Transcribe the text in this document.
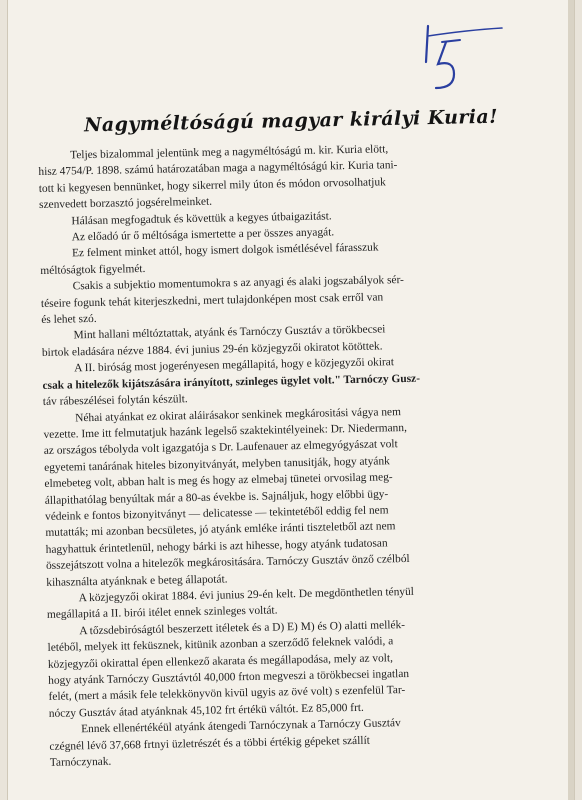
Nagyméltóságú magyar királyi Kuria!
Teljes bizalommal jelentünk meg a nagyméltóságú m. kir. Kuria elött,
hisz 4754/P. 1898. számú határozatában maga a nagyméltóságú kir. Kuria tani-
tott ki kegyesen bennünket, hogy sikerrel mily úton és módon orvosolhatjuk
szenvedett borzasztó jogsérelmeinket.
Hálásan megfogadtuk és követtük a kegyes útbaigazitást.
Az előadó úr ő méltósága ismertette a per összes anyagát.
Ez felment minket attól, hogy ismert dolgok ismétlésével fárasszuk
méltóságtok figyelmét.
Csakis a subjektio momentumokra s az anyagi és alaki jogszabályok sér-
téseire fogunk tehát kiterjeszkedni, mert tulajdonképen most csak erről van
és lehet szó.
Mint hallani méltóztattak, atyánk és Tarnóczy Gusztáv a törökbecsei
birtok eladására nézve 1884. évi junius 29-én közjegyzői okiratot kötöttek.
A II. biróság most jogerényesen megállapitá, hogy e közjegyzői okirat
csak a hitelezők kijátszására irányított, szinleges ügylet volt." Tarnóczy Gusz-
táv rábeszélései folytán készült.
Néhai atyánkat ez okirat aláirásakor senkinek megkárositási vágya nem
vezette. Ime itt felmutatjuk hazánk legelső szaktekintélyeinek: Dr. Niedermann,
az országos tébolyda volt igazgatója s Dr. Laufenauer az elmegyógyászat volt
egyetemi tanárának hiteles bizonyitványát, melyben tanusitják, hogy atyánk
elmebeteg volt, abban halt is meg és hogy az elmebaj tünetei orvosilag meg-
állapithatólag benyúltak már a 80-as évekbe is. Sajnáljuk, hogy előbbi ügy-
védeink e fontos bizonyitványt — delicatesse — tekintetéből eddig fel nem
mutatták; mi azonban becsületes, jó atyánk emléke iránti tiszteletből azt nem
hagyhattuk érintetlenül, nehogy bárki is azt hihesse, hogy atyánk tudatosan
összejátszott volna a hitelezők megkárositására. Tarnóczy Gusztáv önző czélból
kihasználta atyánknak e beteg állapotát.
A közjegyzői okirat 1884. évi junius 29-én kelt. De megdönthetlen tényül
megállapitá a II. birói itélet ennek szinleges voltát.
A tőzsdebiróságtól beszerzett itéletek és a D) E) M) és O) alatti mellék-
letéből, melyek itt feküsznek, kitünik azonban a szerződő feleknek valódi, a
közjegyzői okirattal épen ellenkező akarata és megállapodása, mely az volt,
hogy atyánk Tarnóczy Gusztávtól 40,000 frton megveszi a törökbecsei ingatlan
felét, (mert a másik fele telekkönyvön kivül ugyis az övé volt) s ezenfelül Tar-
nóczy Gusztáv átad atyánknak 45,102 frt értékü váltót. Ez 85,000 frt.
Ennek ellenértékéül atyánk átengedi Tarnóczynak a Tarnóczy Gusztáv
czégnél lévő 37,668 frtnyi üzletrészét és a többi értékig gépeket szállít
Tarnóczynak.
